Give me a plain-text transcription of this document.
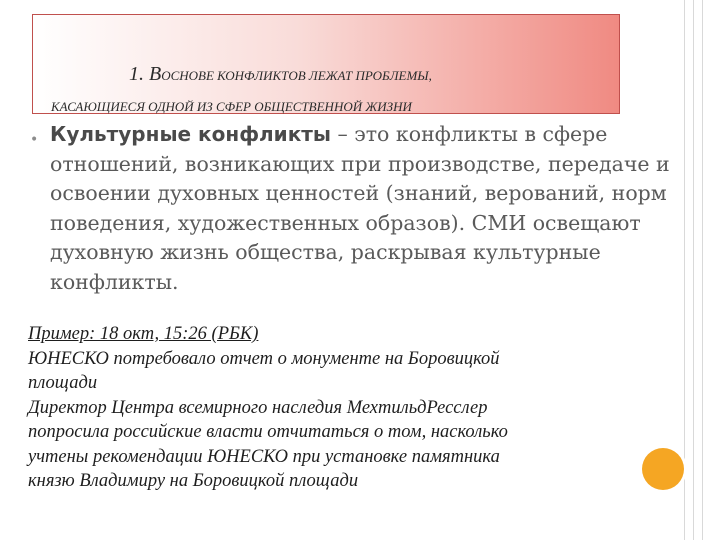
1. ВОСНОВЕ КОНФЛИКТОВ ЛЕЖАТ ПРОБЛЕМЫ,
КАСАЮЩИЕСЯ ОДНОЙ ИЗ СФЕР ОБЩЕСТВЕННОЙ ЖИЗНИ
• Культурные конфликты – это конфликты в сфере отношений, возникающих при производстве, передаче и освоении духовных ценностей (знаний, верований, норм поведения, художественных образов). СМИ освещают духовную жизнь общества, раскрывая культурные конфликты.
Пример: 18 окт, 15:26 (РБК)
ЮНЕСКО потребовало отчет о монументе на Боровицкой
площади
Директор Центра всемирного наследия МехтильдРесслер
попросила российские власти отчитаться о том, насколько
учтены рекомендации ЮНЕСКО при установке памятника
князю Владимиру на Боровицкой площади
